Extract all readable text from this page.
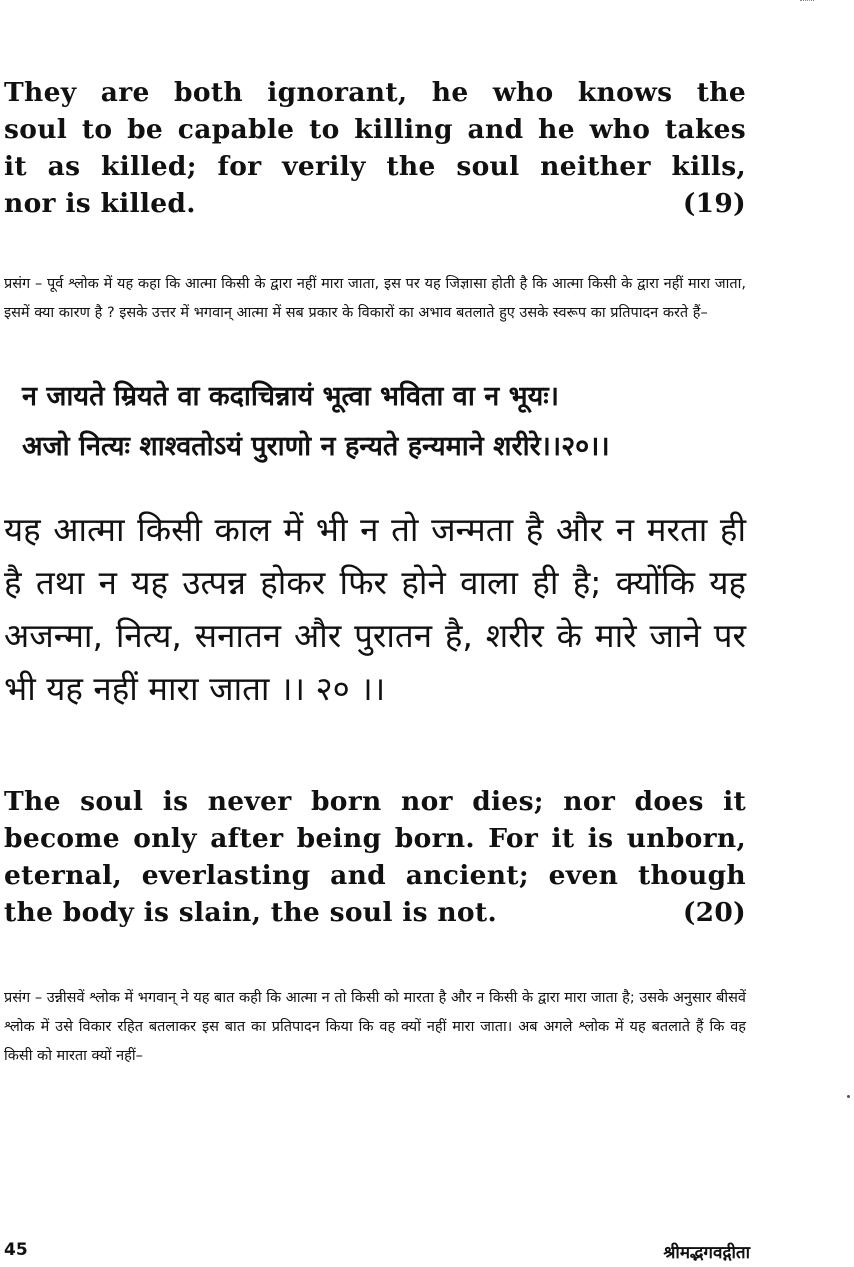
They are both ignorant, he who knows the
soul to be capable to killing and he who takes
it as killed; for verily the soul neither kills,
nor is killed.	(19)
प्रसंग – पूर्व श्लोक में यह कहा कि आत्मा किसी के द्वारा नहीं मारा जाता, इस पर यह जिज्ञासा होती है कि आत्मा किसी के द्वारा नहीं मारा जाता, इसमें क्या कारण है ? इसके उत्तर में भगवान् आत्मा में सब प्रकार के विकारों का अभाव बतलाते हुए उसके स्वरूप का प्रतिपादन करते हैं–
न जायते म्रियते वा कदाचिन्नायं भूत्वा भविता वा न भूयः।
अजो नित्यः शाश्वतोऽयं पुराणो न हन्यते हन्यमाने शरीरे।।२०।।
यह आत्मा किसी काल में भी न तो जन्मता है और न मरता ही है तथा न यह उत्पन्न होकर फिर होने वाला ही है; क्योंकि यह अजन्मा, नित्य, सनातन और पुरातन है, शरीर के मारे जाने पर भी यह नहीं मारा जाता ।। २० ।।
The soul is never born nor dies; nor does it
become only after being born. For it is unborn,
eternal, everlasting and ancient; even though
the body is slain, the soul is not.	(20)
प्रसंग – उन्नीसवें श्लोक में भगवान् ने यह बात कही कि आत्मा न तो किसी को मारता है और न किसी के द्वारा मारा जाता है; उसके अनुसार बीसवें श्लोक में उसे विकार रहित बतलाकर इस बात का प्रतिपादन किया कि वह क्यों नहीं मारा जाता। अब अगले श्लोक में यह बतलाते हैं कि वह किसी को मारता क्यों नहीं–
45	श्रीमद्भगवद्गीता
